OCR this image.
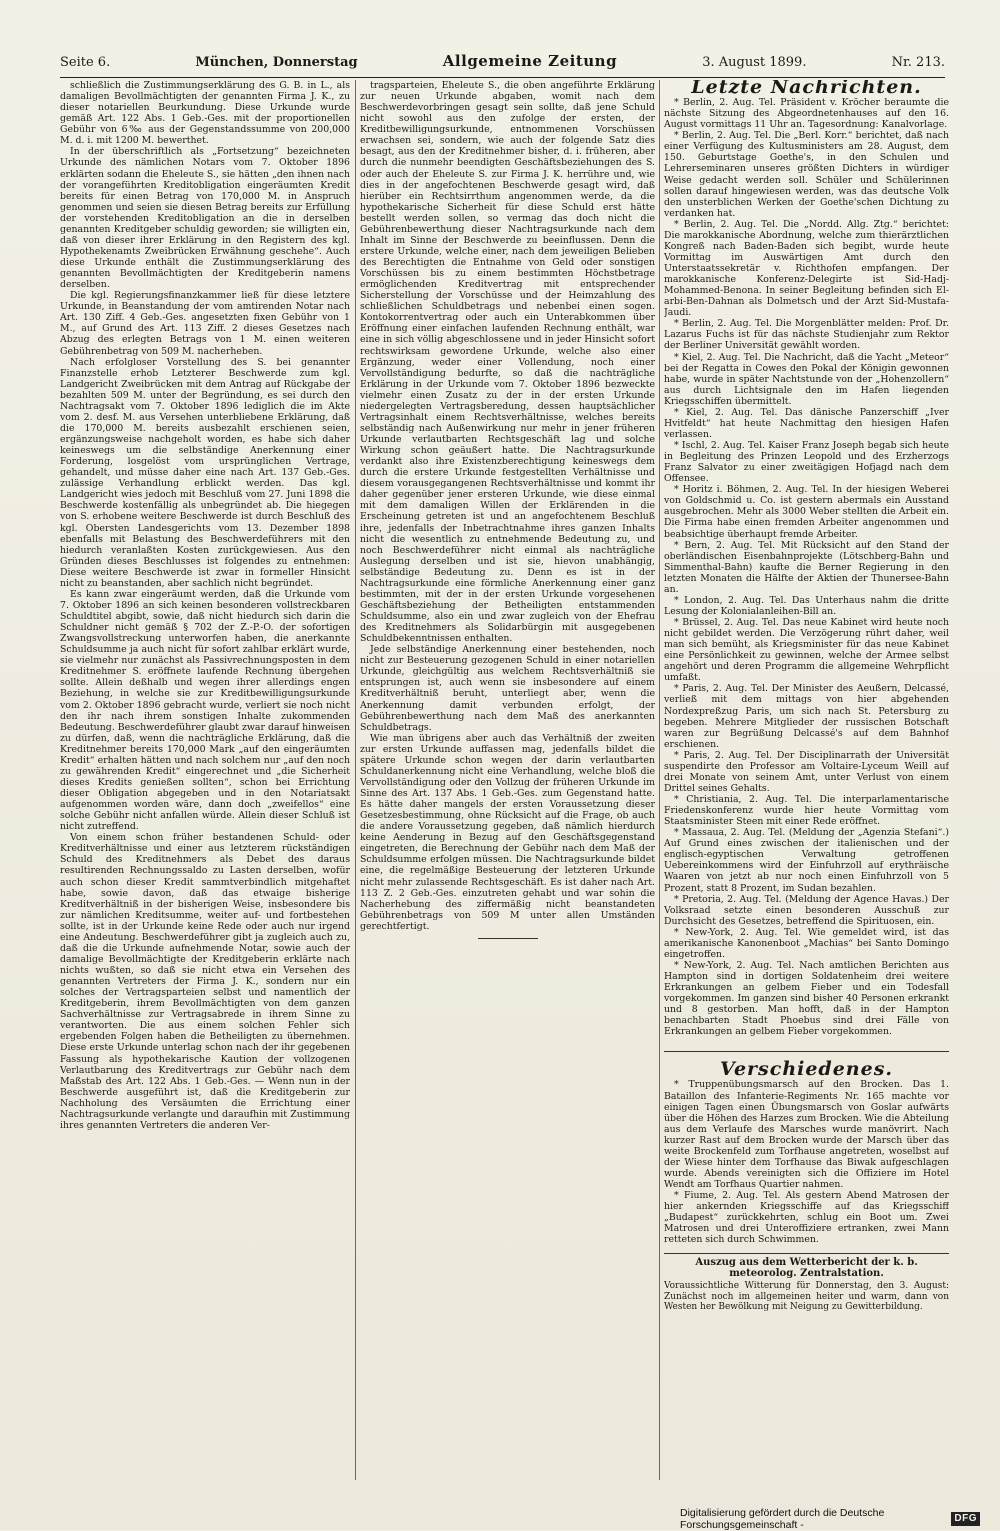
Seite 6.	München, Donnerstag	Allgemeine Zeitung	3. August 1899.	Nr. 213.

schließlich die Zustimmungserklärung des G. B. in L., als damaligen Bevollmächtigten der genannten Firma J. K., zu dieser notariellen Beurkundung. Diese Urkunde wurde gemäß Art. 122 Abs. 1 Geb.-Ges. mit der proportionellen Gebühr von 6‰ aus der Gegenstandssumme von 200,000 M. d. i. mit 1200 M. bewerthet.

In der überschriftlich als „Fortsetzung“ bezeichneten Urkunde des nämlichen Notars vom 7. Oktober 1896 erklärten sodann die Eheleute S., sie hätten „den ihnen nach der vorangeführten Kreditobligation eingeräumten Kredit bereits für einen Betrag von 170,000 M. in Anspruch genommen und seien sie diesen Betrag bereits zur Erfüllung der vorstehenden Kreditobligation an die in derselben genannten Kreditgeber schuldig geworden; sie willigten ein, daß von dieser ihrer Erklärung in den Registern des kgl. Hypothekenamts Zweibrücken Erwähnung geschehe“. Auch diese Urkunde enthält die Zustimmungserklärung des genannten Bevollmächtigten der Kreditgeberin namens derselben.

Die kgl. Regierungsfinanzkammer ließ für diese letztere Urkunde, in Beanstandung der vom amtirenden Notar nach Art. 130 Ziff. 4 Geb.-Ges. angesetzten fixen Gebühr von 1 M., auf Grund des Art. 113 Ziff. 2 dieses Gesetzes nach Abzug des erlegten Betrags von 1 M. einen weiteren Gebührenbetrag von 509 M. nacherheben.

Nach erfolgloser Vorstellung des S. bei genannter Finanzstelle erhob Letzterer Beschwerde zum kgl. Landgericht Zweibrücken mit dem Antrag auf Rückgabe der bezahlten 509 M. unter der Begründung, es sei durch den Nachtragsakt vom 7. Oktober 1896 lediglich die im Akte vom 2. desf. M. aus Versehen unterbliebene Erklärung, daß die 170,000 M. bereits ausbezahlt erschienen seien, ergänzungsweise nachgeholt worden, es habe sich daher keineswegs um die selbständige Anerkennung einer Forderung, losgelöst vom ursprünglichen Vertrage, gehandelt, und müsse daher eine nach Art. 137 Geb.-Ges. zulässige Verhandlung erblickt werden. Das kgl. Landgericht wies jedoch mit Beschluß vom 27. Juni 1898 die Beschwerde kostenfällig als unbegründet ab. Die hiegegen von S. erhobene weitere Beschwerde ist durch Beschluß des kgl. Obersten Landesgerichts vom 13. Dezember 1898 ebenfalls mit Belastung des Beschwerdeführers mit den hiedurch veranlaßten Kosten zurückgewiesen. Aus den Gründen dieses Beschlusses ist folgendes zu entnehmen: Diese weitere Beschwerde ist zwar in formeller Hinsicht nicht zu beanstanden, aber sachlich nicht begründet.

Es kann zwar eingeräumt werden, daß die Urkunde vom 7. Oktober 1896 an sich keinen besonderen vollstreckbaren Schuldtitel abgibt, sowie, daß nicht hiedurch sich darin die Schuldner nicht gemäß § 702 der Z.-P.-O. der sofortigen Zwangsvollstreckung unterworfen haben, die anerkannte Schuldsumme ja auch nicht für sofort zahlbar erklärt wurde, sie vielmehr nur zunächst als Passivrechnungsposten in dem Kreditnehmer S. eröffnete laufende Rechnung übergehen sollte. Allein deßhalb und wegen ihrer allerdings engen Beziehung, in welche sie zur Kreditbewilligungsurkunde vom 2. Oktober 1896 gebracht wurde, verliert sie noch nicht den ihr nach ihrem sonstigen Inhalte zukommenden Bedeutung. Beschwerdeführer glaubt zwar darauf hinweisen zu dürfen, daß, wenn die nachträgliche Erklärung, daß die Kreditnehmer bereits 170,000 Mark „auf den eingeräumten Kredit“ erhalten hätten und nach solchem nur „auf den noch zu gewährenden Kredit“ eingerechnet und „die Sicherheit dieses Kredits genießen sollten“, schon bei Errichtung dieser Obligation abgegeben und in den Notariatsakt aufgenommen worden wäre, dann doch „zweifellos“ eine solche Gebühr nicht anfallen würde. Allein dieser Schluß ist nicht zutreffend.

Von einem schon früher bestandenen Schuld- oder Kreditverhältnisse und einer aus letzterem rückständigen Schuld des Kreditnehmers als Debet des daraus resultirenden Rechnungssaldo zu Lasten derselben, wofür auch schon dieser Kredit sammtverbindlich mitgehaftet habe, sowie davon, daß das etwaige bisherige Kreditverhältniß in der bisherigen Weise, insbesondere bis zur nämlichen Kreditsumme, weiter auf- und fortbestehen sollte, ist in der Urkunde keine Rede oder auch nur irgend eine Andeutung. Beschwerdeführer gibt ja zugleich auch zu, daß die die Urkunde aufnehmende Notar, sowie auch der damalige Bevollmächtigte der Kreditgeberin erklärte nach nichts wußten, so daß sie nicht etwa ein Versehen des genannten Vertreters der Firma J. K., sondern nur ein solches der Vertragsparteien selbst und namentlich der Kreditgeberin, ihrem Bevollmächtigten von dem ganzen Sachverhältnisse zur Vertragsabrede in ihrem Sinne zu verantworten. Die aus einem solchen Fehler sich ergebenden Folgen haben die Betheiligten zu übernehmen. Diese erste Urkunde unterlag schon nach der ihr gegebenen Fassung als hypothekarische Kaution der vollzogenen Verlautbarung des Kreditvertrags zur Gebühr nach dem Maßstab des Art. 122 Abs. 1 Geb.-Ges. — Wenn nun in der Beschwerde ausgeführt ist, daß die Kreditgeberin zur Nachholung des Versäumten die Errichtung einer Nachtragsurkunde verlangte und daraufhin mit Zustimmung ihres genannten Vertreters die anderen Ver-

tragsparteien, Eheleute S., die oben angeführte Erklärung zur neuen Urkunde abgaben, womit nach dem Beschwerdevorbringen gesagt sein sollte, daß jene Schuld nicht sowohl aus den zufolge der ersten, der Kreditbewilligungsurkunde, entnommenen Vorschüssen erwachsen sei, sondern, wie auch der folgende Satz dies besagt, aus den der Kreditnehmer bisher, d. i. früheren, aber durch die nunmehr beendigten Geschäftsbeziehungen des S. oder auch der Eheleute S. zur Firma J. K. herrühre und, wie dies in der angefochtenen Beschwerde gesagt wird, daß hierüber ein Rechtsirrthum angenommen werde, da die hypothekarische Sicherheit für diese Schuld erst hätte bestellt werden sollen, so vermag das doch nicht die Gebührenbewerthung dieser Nachtragsurkunde nach dem Inhalt im Sinne der Beschwerde zu beeinflussen. Denn die erstere Urkunde, welche einer, nach dem jeweiligen Belieben des Berechtigten die Entnahme von Geld oder sonstigen Vorschüssen bis zu einem bestimmten Höchstbetrage ermöglichenden Kreditvertrag mit entsprechender Sicherstellung der Vorschüsse und der Heimzahlung des schließlichen Schuldbetrags und nebenbei einen sogen. Kontokorrentvertrag oder auch ein Unterabkommen über Eröffnung einer einfachen laufenden Rechnung enthält, war eine in sich völlig abgeschlossene und in jeder Hinsicht sofort rechtswirksam gewordene Urkunde, welche also einer Ergänzung, weder einer Vollendung, noch einer Vervollständigung bedurfte, so daß die nachträgliche Erklärung in der Urkunde vom 7. Oktober 1896 bezweckte vielmehr einen Zusatz zu der in der ersten Urkunde niedergelegten Vertragsberedung, dessen hauptsächlicher Vertragsinhalt einem Rechtsverhältnisse, welches bereits selbständig nach Außenwirkung nur mehr in jener früheren Urkunde verlautbarten Rechtsgeschäft lag und solche Wirkung schon geäußert hatte. Die Nachtragsurkunde verdankt also ihre Existenzberechtigung keineswegs dem durch die erstere Urkunde festgestellten Verhältnisse und diesem vorausgegangenen Rechtsverhältnisse und kommt ihr daher gegenüber jener ersteren Urkunde, wie diese einmal mit dem damaligen Willen der Erklärenden in die Erscheinung getreten ist und an angefochtenem Beschluß ihre, jedenfalls der Inbetrachtnahme ihres ganzen Inhalts nicht die wesentlich zu entnehmende Bedeutung zu, und noch Beschwerdeführer nicht einmal als nachträgliche Auslegung derselben und ist sie, hievon unabhängig, selbständige Bedeutung zu. Denn es ist in der Nachtragsurkunde eine förmliche Anerkennung einer ganz bestimmten, mit der in der ersten Urkunde vorgesehenen Geschäftsbeziehung der Betheiligten entstammenden Schuldsumme, also ein und zwar zugleich von der Ehefrau des Kreditnehmers als Solidarbürgin mit ausgegebenen Schuldbekenntnissen enthalten.

Jede selbständige Anerkennung einer bestehenden, noch nicht zur Besteuerung gezogenen Schuld in einer notariellen Urkunde, gleichgültig aus welchem Rechtsverhältniß sie entsprungen ist, auch wenn sie insbesondere auf einem Kreditverhältniß beruht, unterliegt aber, wenn die Anerkennung damit verbunden erfolgt, der Gebührenbewerthung nach dem Maß des anerkannten Schuldbetrags.

Wie man übrigens aber auch das Verhältniß der zweiten zur ersten Urkunde auffassen mag, jedenfalls bildet die spätere Urkunde schon wegen der darin verlautbarten Schuldanerkennung nicht eine Verhandlung, welche bloß die Vervollständigung oder den Vollzug der früheren Urkunde im Sinne des Art. 137 Abs. 1 Geb.-Ges. zum Gegenstand hatte. Es hätte daher mangels der ersten Voraussetzung dieser Gesetzesbestimmung, ohne Rücksicht auf die Frage, ob auch die andere Voraussetzung gegeben, daß nämlich hierdurch keine Aenderung in Bezug auf den Geschäftsgegenstand eingetreten, die Berechnung der Gebühr nach dem Maß der Schuldsumme erfolgen müssen. Die Nachtragsurkunde bildet eine, die regelmäßige Besteuerung der letzteren Urkunde nicht mehr zulassende Rechtsgeschäft. Es ist daher nach Art. 113 Z. 2 Geb.-Ges. einzutreten gehabt und war sohin die Nacherhebung des ziffermäßig nicht beanstandeten Gebührenbetrags von 509 M unter allen Umständen gerechtfertigt.

Letzte Nachrichten.

* Berlin, 2. Aug. Tel. Präsident v. Kröcher beraumte die nächste Sitzung des Abgeordnetenhauses auf den 16. August vormittags 11 Uhr an. Tagesordnung: Kanalvorlage.

* Berlin, 2. Aug. Tel. Die „Berl. Korr.“ berichtet, daß nach einer Verfügung des Kultusministers am 28. August, dem 150. Geburtstage Goethe's, in den Schulen und Lehrerseminaren unseres größten Dichters in würdiger Weise gedacht werden soll. Schüler und Schülerinnen sollen darauf hingewiesen werden, was das deutsche Volk den unsterblichen Werken der Goethe'schen Dichtung zu verdanken hat.

* Berlin, 2. Aug. Tel. Die „Nordd. Allg. Ztg.“ berichtet: Die marokkanische Abordnung, welche zum thierärztlichen Kongreß nach Baden-Baden sich begibt, wurde heute Vormittag im Auswärtigen Amt durch den Unterstaatssekretär v. Richthofen empfangen. Der marokkanische Konferenz-Delegirte ist Sid-Hadj-Mohammed-Benona. In seiner Begleitung befinden sich El-arbi-Ben-Dahnan als Dolmetsch und der Arzt Sid-Mustafa-Jaudi.

* Berlin, 2. Aug. Tel. Die Morgenblätter melden: Prof. Dr. Lazarus Fuchs ist für das nächste Studienjahr zum Rektor der Berliner Universität gewählt worden.

* Kiel, 2. Aug. Tel. Die Nachricht, daß die Yacht „Meteor“ bei der Regatta in Cowes den Pokal der Königin gewonnen habe, wurde in später Nachtstunde von der „Hohenzollern“ aus durch Lichtsignale den im Hafen liegenden Kriegsschiffen übermittelt.

* Kiel, 2. Aug. Tel. Das dänische Panzerschiff „Iver Hvitfeldt“ hat heute Nachmittag den hiesigen Hafen verlassen.

* Ischl, 2. Aug. Tel. Kaiser Franz Joseph begab sich heute in Begleitung des Prinzen Leopold und des Erzherzogs Franz Salvator zu einer zweitägigen Hofjagd nach dem Offensee.

* Horitz i. Böhmen, 2. Aug. Tel. In der hiesigen Weberei von Goldschmid u. Co. ist gestern abermals ein Ausstand ausgebrochen. Mehr als 3000 Weber stellten die Arbeit ein. Die Firma habe einen fremden Arbeiter angenommen und beabsichtige überhaupt fremde Arbeiter.

* Bern, 2. Aug. Tel. Mit Rücksicht auf den Stand der oberländischen Eisenbahnprojekte (Lötschberg-Bahn und Simmenthal-Bahn) kaufte die Berner Regierung in den letzten Monaten die Hälfte der Aktien der Thunersee-Bahn an.

* London, 2. Aug. Tel. Das Unterhaus nahm die dritte Lesung der Kolonialanleihen-Bill an.

* Brüssel, 2. Aug. Tel. Das neue Kabinet wird heute noch nicht gebildet werden. Die Verzögerung rührt daher, weil man sich bemüht, als Kriegsminister für das neue Kabinet eine Persönlichkeit zu gewinnen, welche der Armee selbst angehört und deren Programm die allgemeine Wehrpflicht umfaßt.

* Paris, 2. Aug. Tel. Der Minister des Aeußern, Delcassé, verließ mit dem mittags von hier abgehenden Nordexpreßzug Paris, um sich nach St. Petersburg zu begeben. Mehrere Mitglieder der russischen Botschaft waren zur Begrüßung Delcassé's auf dem Bahnhof erschienen.

* Paris, 2. Aug. Tel. Der Disciplinarrath der Universität suspendirte den Professor am Voltaire-Lyceum Weill auf drei Monate von seinem Amt, unter Verlust von einem Drittel seines Gehalts.

* Christiania, 2. Aug. Tel. Die interparlamentarische Friedenskonferenz wurde hier heute Vormittag vom Staatsminister Steen mit einer Rede eröffnet.

* Massaua, 2. Aug. Tel. (Meldung der „Agenzia Stefani“.) Auf Grund eines zwischen der italienischen und der englisch-egyptischen Verwaltung getroffenen Uebereinkommens wird der Einfuhrzoll auf erythräische Waaren von jetzt ab nur noch einen Einfuhrzoll von 5 Prozent, statt 8 Prozent, im Sudan bezahlen.

* Pretoria, 2. Aug. Tel. (Meldung der Agence Havas.) Der Volksraad setzte einen besonderen Ausschuß zur Durchsicht des Gesetzes, betreffend die Spirituosen, ein.

* New-York, 2. Aug. Tel. Wie gemeldet wird, ist das amerikanische Kanonenboot „Machias“ bei Santo Domingo eingetroffen.

* New-York, 2. Aug. Tel. Nach amtlichen Berichten aus Hampton sind in dortigen Soldatenheim drei weitere Erkrankungen an gelbem Fieber und ein Todesfall vorgekommen. Im ganzen sind bisher 40 Personen erkrankt und 8 gestorben. Man hofft, daß in der Hampton benachbarten Stadt Phoebus sind drei Fälle von Erkrankungen an gelbem Fieber vorgekommen.

Verschiedenes.

* Truppenübungsmarsch auf den Brocken. Das 1. Bataillon des Infanterie-Regiments Nr. 165 machte vor einigen Tagen einen Übungsmarsch von Goslar aufwärts über die Höhen des Harzes zum Brocken. Wie die Abteilung aus dem Verlaufe des Marsches wurde manövrirt. Nach kurzer Rast auf dem Brocken wurde der Marsch über das weite Brockenfeld zum Torfhause angetreten, woselbst auf der Wiese hinter dem Torfhause das Biwak aufgeschlagen wurde. Abends vereinigten sich die Offiziere im Hotel Wendt am Torfhaus Quartier nahmen.

* Fiume, 2. Aug. Tel. Als gestern Abend Matrosen der hier ankernden Kriegsschiffe auf das Kriegsschiff „Budapest“ zurückkehrten, schlug ein Boot um. Zwei Matrosen und drei Unteroffiziere ertranken, zwei Mann retteten sich durch Schwimmen.

Auszug aus dem Wetterbericht der k. b. meteorolog. Zentralstation.
Voraussichtliche Witterung für Donnerstag, den 3. August: Zunächst noch im allgemeinen heiter und warm, dann von Westen her Bewölkung mit Neigung zu Gewitterbildung.
Digitalisierung gefördert durch die Deutsche Forschungsgemeinschaft -
DFG
